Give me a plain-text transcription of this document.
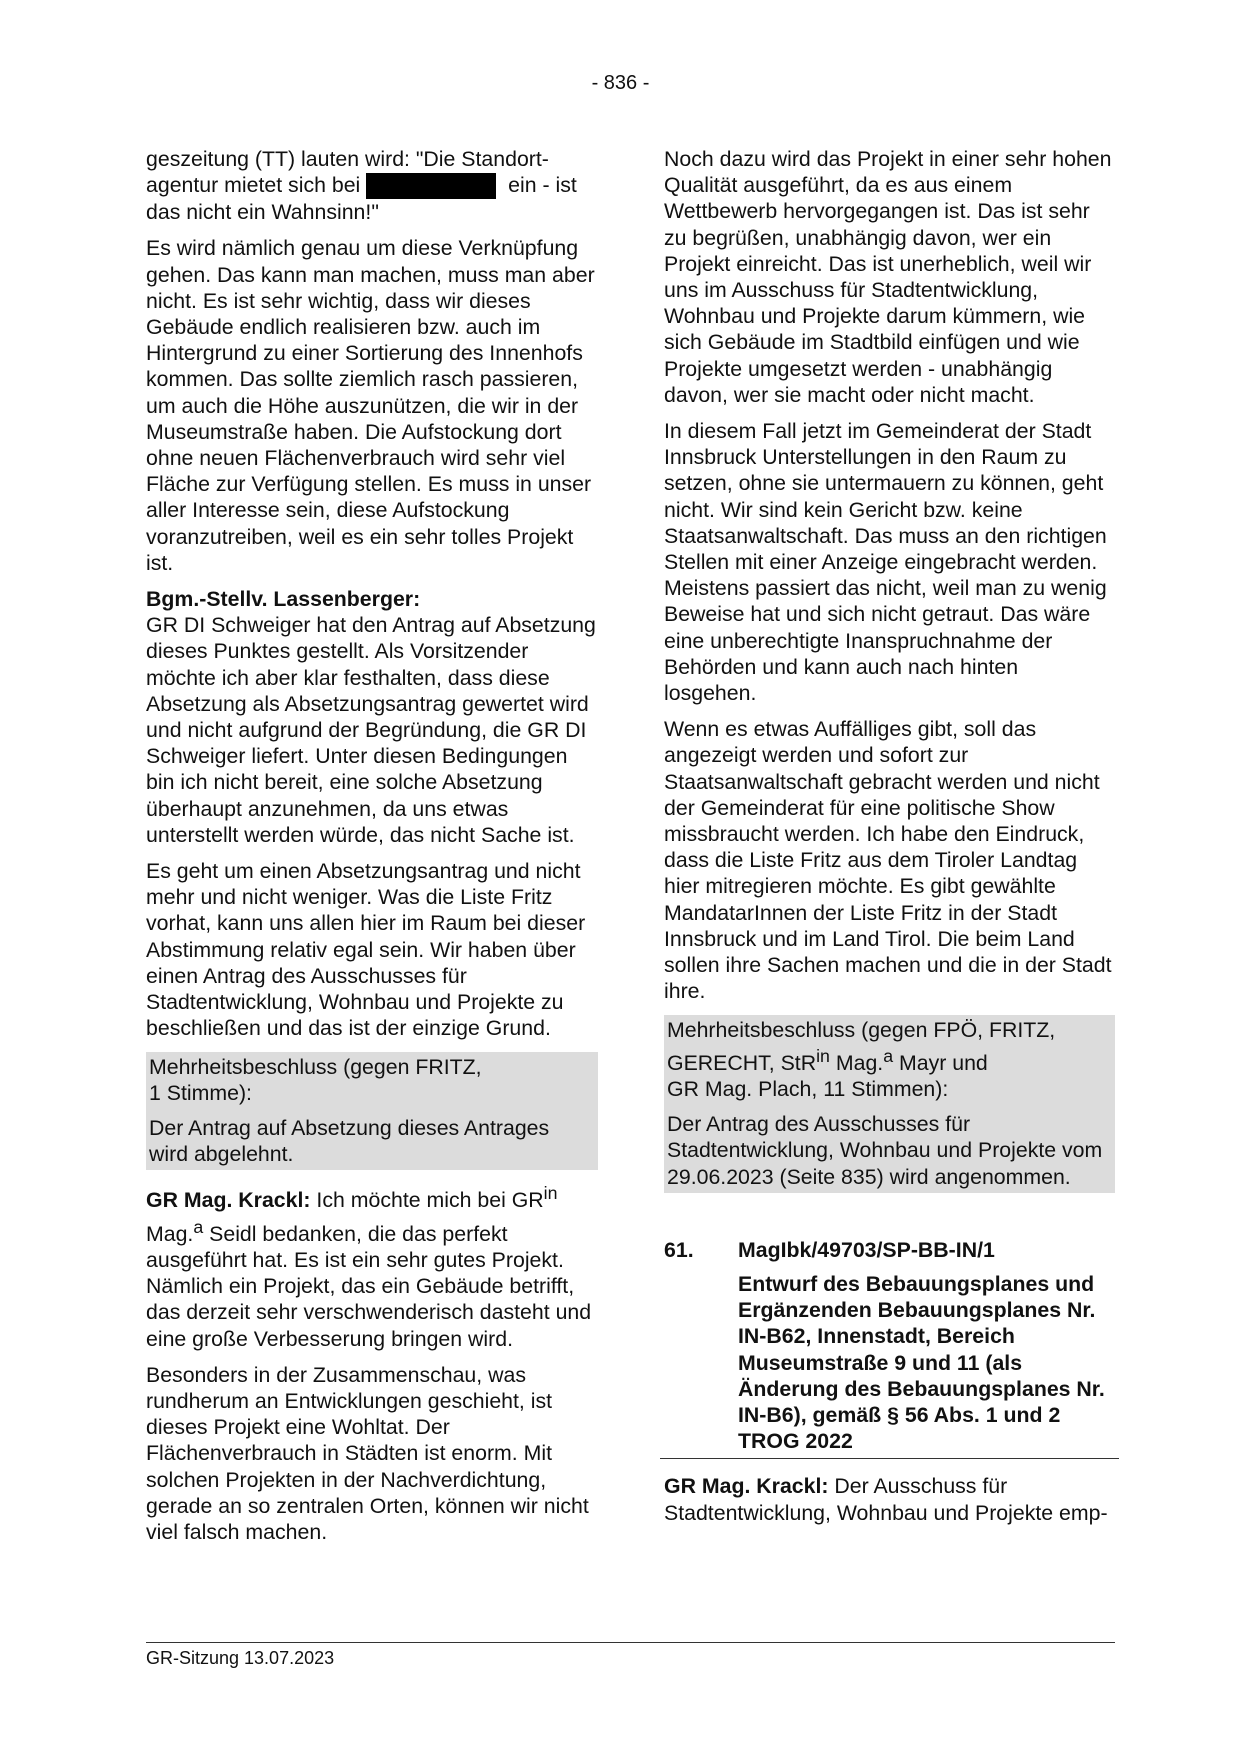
- 836 -

geszeitung (TT) lauten wird: "Die Standort-agentur mietet sich bei	ein - ist das nicht ein Wahnsinn!"

Es wird nämlich genau um diese Verknüpfung gehen. Das kann man machen, muss man aber nicht. Es ist sehr wichtig, dass wir dieses Gebäude endlich realisieren bzw. auch im Hintergrund zu einer Sortierung des Innenhofs kommen. Das sollte ziemlich rasch passieren, um auch die Höhe auszunützen, die wir in der Museumstraße haben. Die Aufstockung dort ohne neuen Flächenverbrauch wird sehr viel Fläche zur Verfügung stellen. Es muss in unser aller Interesse sein, diese Aufstockung voranzutreiben, weil es ein sehr tolles Projekt ist.

Bgm.-Stellv. Lassenberger:

GR DI Schweiger hat den Antrag auf Absetzung dieses Punktes gestellt. Als Vorsitzender möchte ich aber klar festhalten, dass diese Absetzung als Absetzungsantrag gewertet wird und nicht aufgrund der Begründung, die GR DI Schweiger liefert. Unter diesen Bedingungen bin ich nicht bereit, eine solche Absetzung überhaupt anzunehmen, da uns etwas unterstellt werden würde, das nicht Sache ist.

Es geht um einen Absetzungsantrag und nicht mehr und nicht weniger. Was die Liste Fritz vorhat, kann uns allen hier im Raum bei dieser Abstimmung relativ egal sein. Wir haben über einen Antrag des Ausschusses für Stadtentwicklung, Wohnbau und Projekte zu beschließen und das ist der einzige Grund.

Mehrheitsbeschluss (gegen FRITZ,
1 Stimme):

Der Antrag auf Absetzung dieses Antrages wird abgelehnt.

GR Mag. Krackl: Ich möchte mich bei $GR^{in}$ Mag.$^a$ Seidl bedanken, die das perfekt ausgeführt hat. Es ist ein sehr gutes Projekt. Nämlich ein Projekt, das ein Gebäude betrifft, das derzeit sehr verschwenderisch dasteht und eine große Verbesserung bringen wird.

Besonders in der Zusammenschau, was rundherum an Entwicklungen geschieht, ist dieses Projekt eine Wohltat. Der Flächenverbrauch in Städten ist enorm. Mit solchen Projekten in der Nachverdichtung, gerade an so zentralen Orten, können wir nicht viel falsch machen.

Noch dazu wird das Projekt in einer sehr hohen Qualität ausgeführt, da es aus einem Wettbewerb hervorgegangen ist. Das ist sehr zu begrüßen, unabhängig davon, wer ein Projekt einreicht. Das ist unerheblich, weil wir uns im Ausschuss für Stadtentwicklung, Wohnbau und Projekte darum kümmern, wie sich Gebäude im Stadtbild einfügen und wie Projekte umgesetzt werden - unabhängig davon, wer sie macht oder nicht macht.

In diesem Fall jetzt im Gemeinderat der Stadt Innsbruck Unterstellungen in den Raum zu setzen, ohne sie untermauern zu können, geht nicht. Wir sind kein Gericht bzw. keine Staatsanwaltschaft. Das muss an den richtigen Stellen mit einer Anzeige eingebracht werden. Meistens passiert das nicht, weil man zu wenig Beweise hat und sich nicht getraut. Das wäre eine unberechtigte Inanspruchnahme der Behörden und kann auch nach hinten losgehen.

Wenn es etwas Auffälliges gibt, soll das angezeigt werden und sofort zur Staatsanwaltschaft gebracht werden und nicht der Gemeinderat für eine politische Show missbraucht werden. Ich habe den Eindruck, dass die Liste Fritz aus dem Tiroler Landtag hier mitregieren möchte. Es gibt gewählte MandatarInnen der Liste Fritz in der Stadt Innsbruck und im Land Tirol. Die beim Land sollen ihre Sachen machen und die in der Stadt ihre.

Mehrheitsbeschluss (gegen FPÖ, FRITZ, GERECHT, StR$^{in}$ Mag.$^a$ Mayr und
GR Mag. Plach, 11 Stimmen):

Der Antrag des Ausschusses für Stadtentwicklung, Wohnbau und Projekte vom 29.06.2023 (Seite 835) wird angenommen.

61.	MagIbk/49703/SP-BB-IN/1
Entwurf des Bebauungsplanes und Ergänzenden Bebauungsplanes Nr. IN-B62, Innenstadt, Bereich Museumstraße 9 und 11 (als Änderung des Bebauungsplanes Nr. IN-B6), gemäß § 56 Abs. 1 und 2 TROG 2022

GR Mag. Krackl: Der Ausschuss für Stadtentwicklung, Wohnbau und Projekte emp-

GR-Sitzung 13.07.2023
